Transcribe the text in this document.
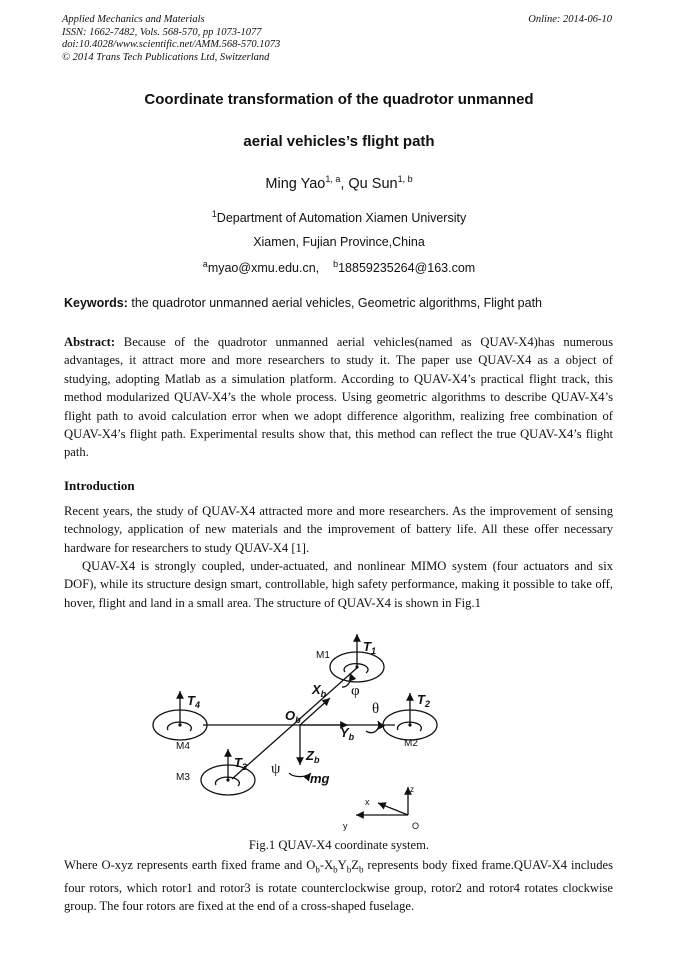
Applied Mechanics and Materials
ISSN: 1662-7482, Vols. 568-570, pp 1073-1077
doi:10.4028/www.scientific.net/AMM.568-570.1073
© 2014 Trans Tech Publications Ltd, Switzerland
Online: 2014-06-10
Coordinate transformation of the quadrotor unmanned
aerial vehicles’s flight path
Ming Yao$^{1, a}$, Qu Sun$^{1, b}$
$^1$Department of Automation Xiamen University
Xiamen, Fujian Province,China
$^a$myao@xmu.edu.cn, $^b$18859235264@163.com
Keywords: the quadrotor unmanned aerial vehicles, Geometric algorithms, Flight path
Abstract: Because of the quadrotor unmanned aerial vehicles(named as QUAV-X4)has numerous advantages, it attract more and more researchers to study it. The paper use QUAV-X4 as a object of studying, adopting Matlab as a simulation platform. According to QUAV-X4’s practical flight track, this method modularized QUAV-X4’s the whole process. Using geometric algorithms to describe QUAV-X4’s flight path to avoid calculation error when we adopt difference algorithm, realizing free combination of QUAV-X4’s flight path. Experimental results show that, this method can reflect the true QUAV-X4’s flight path.
Introduction
Recent years, the study of QUAV-X4 attracted more and more researchers. As the improvement of sensing technology, application of new materials and the improvement of battery life. All these offer necessary hardware for researchers to study QUAV-X4 [1].
QUAV-X4 is strongly coupled, under-actuated, and nonlinear MIMO system (four actuators and six DOF), while its structure design smart, controllable, high safety performance, making it possible to take off, hover, flight and land in a small area. The structure of QUAV-X4 is shown in Fig.1
M1
M2
M3
M4
$T_1$
$T_2$
$T_3$
$T_4$
$X_b$
$Y_b$
$Z_b$
$O_b$
mg
φ
θ
ψ
z
x
y	O
Fig.1 QUAV-X4 coordinate system.
Where O-xyz represents earth fixed frame and $O_b-X_bY_bZ_b$ represents body fixed frame.QUAV-X4 includes four rotors, which rotor1 and rotor3 is rotate counterclockwise group, rotor2 and rotor4 rotates clockwise group. The four rotors are fixed at the end of a cross-shaped fuselage.
